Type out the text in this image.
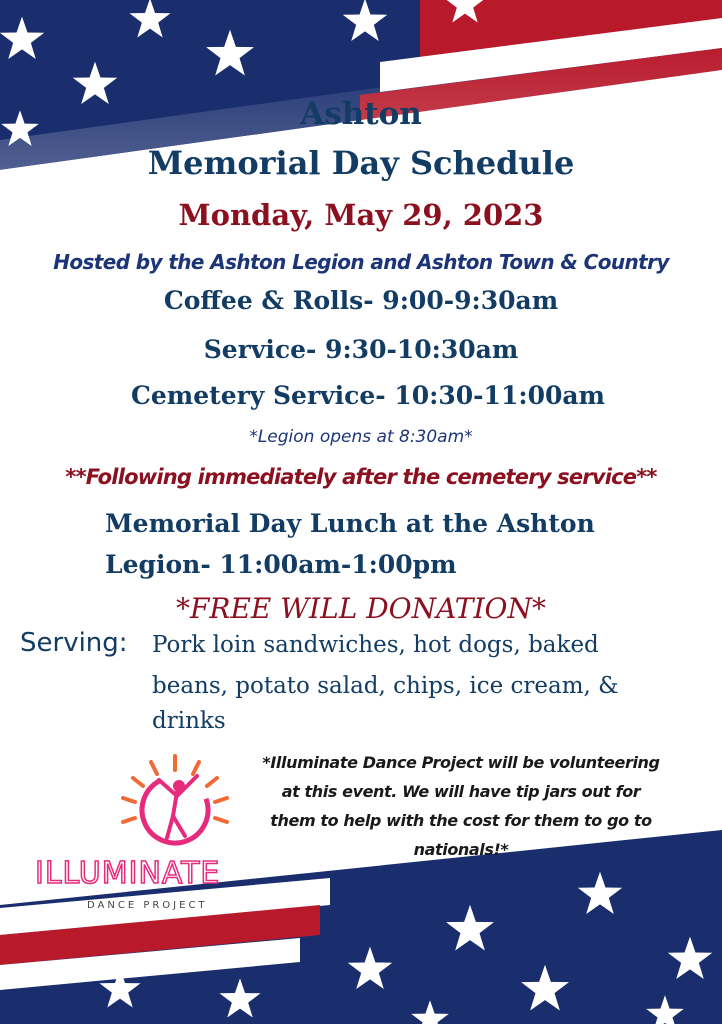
Ashton

Memorial Day Schedule

Monday, May 29, 2023

Hosted by the Ashton Legion and Ashton Town & Country

Coffee & Rolls- 9:00-9:30am

Service- 9:30-10:30am

Cemetery Service- 10:30-11:00am

*Legion opens at 8:30am*

**Following immediately after the cemetery service**

Memorial Day Lunch at the Ashton

Legion- 11:00am-1:00pm

*FREE WILL DONATION*

Serving: Pork loin sandwiches, hot dogs, baked

beans, potato salad, chips, ice cream, &

drinks

*Illuminate Dance Project will be volunteering
at this event. We will have tip jars out for
them to help with the cost for them to go to
nationals!*
ILLUMINATE
DANCE PROJECT
